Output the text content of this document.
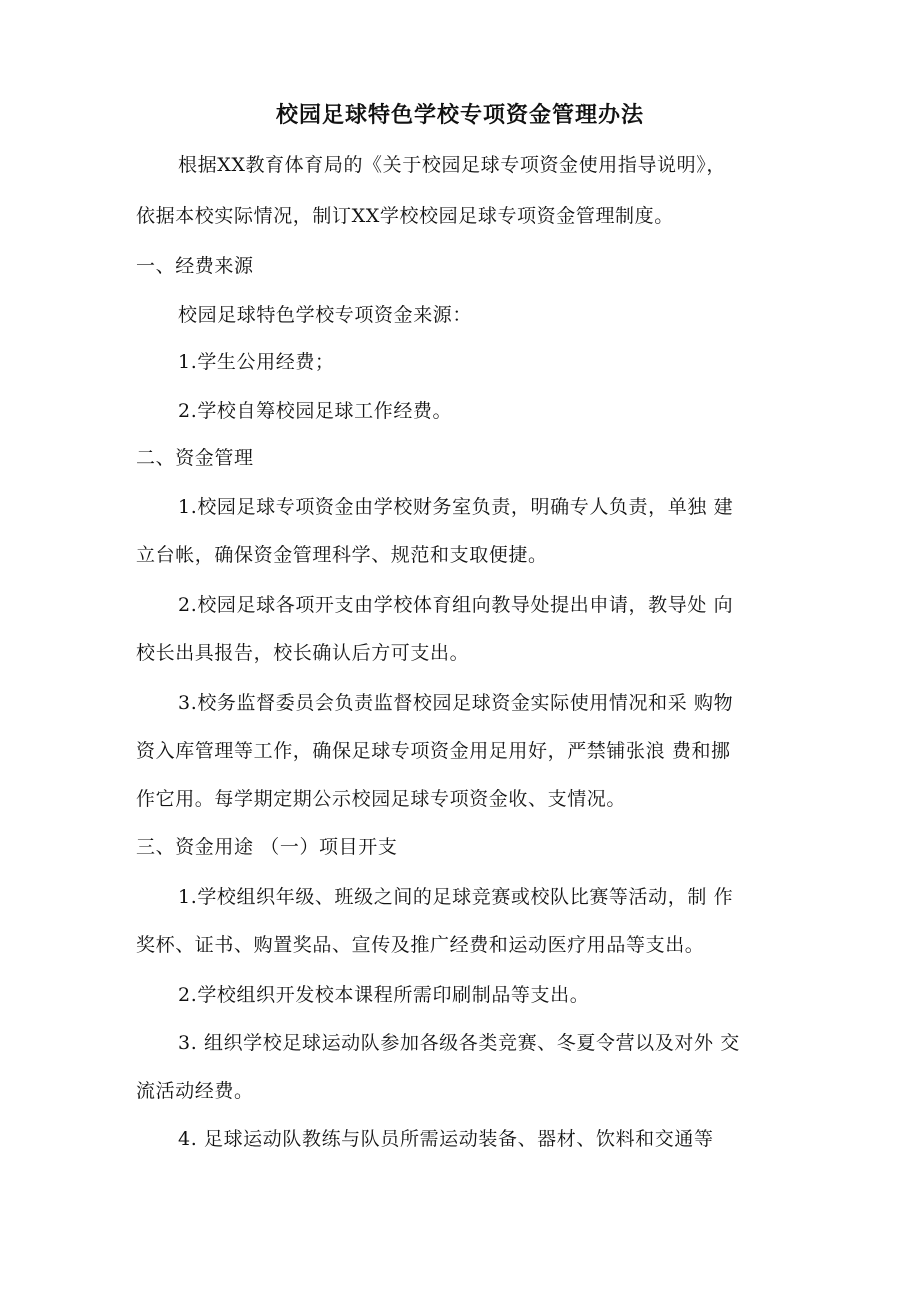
校园足球特色学校专项资金管理办法
根据XX教育体育局的《关于校园足球专项资金使用指导说明》，
依据本校实际情况，制订XX学校校园足球专项资金管理制度。
一、经费来源
校园足球特色学校专项资金来源：
1.学生公用经费；
2.学校自筹校园足球工作经费。
二、资金管理
1.校园足球专项资金由学校财务室负责，明确专人负责，单独 建
立台帐，确保资金管理科学、规范和支取便捷。
2.校园足球各项开支由学校体育组向教导处提出申请，教导处 向
校长出具报告，校长确认后方可支出。
3.校务监督委员会负责监督校园足球资金实际使用情况和采 购物
资入库管理等工作，确保足球专项资金用足用好，严禁铺张浪 费和挪
作它用。每学期定期公示校园足球专项资金收、支情况。
三、资金用途 （一）项目开支
1.学校组织年级、班级之间的足球竞赛或校队比赛等活动，制 作
奖杯、证书、购置奖品、宣传及推广经费和运动医疗用品等支出。
2.学校组织开发校本课程所需印刷制品等支出。
3. 组织学校足球运动队参加各级各类竞赛、冬夏令营以及对外 交
流活动经费。
4. 足球运动队教练与队员所需运动装备、器材、饮料和交通等
